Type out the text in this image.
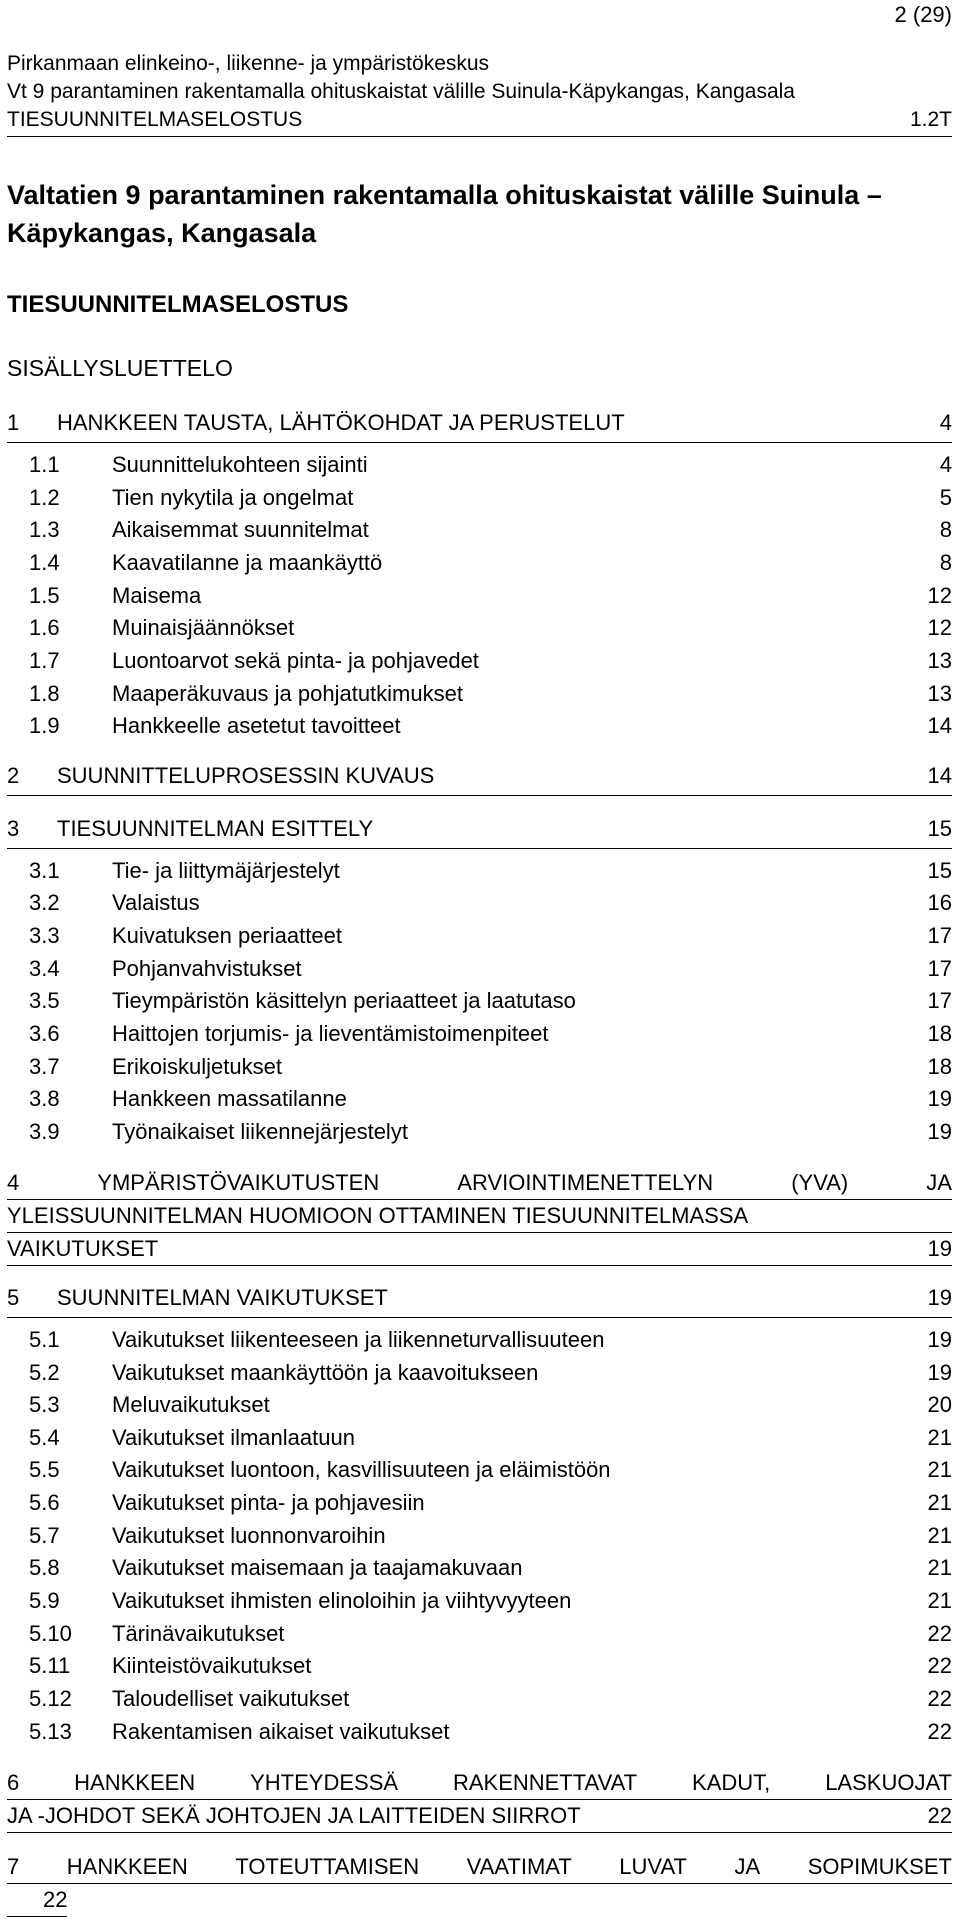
2 (29)
Pirkanmaan elinkeino-, liikenne- ja ympäristökeskus
Vt 9 parantaminen rakentamalla ohituskaistat välille Suinula-Käpykangas, Kangasala
TIESUUNNITELMASELOSTUS	1.2T
Valtatien 9 parantaminen rakentamalla ohituskaistat välille Suinula – Käpykangas, Kangasala
TIESUUNNITELMASELOSTUS
SISÄLLYSLUETTELO
1 HANKKEEN TAUSTA, LÄHTÖKOHDAT JA PERUSTELUT	4
1.1 Suunnittelukohteen sijainti	4
1.2 Tien nykytila ja ongelmat	5
1.3 Aikaisemmat suunnitelmat	8
1.4 Kaavatilanne ja maankäyttö	8
1.5 Maisema	12
1.6 Muinaisjäännökset	12
1.7 Luontoarvot sekä pinta- ja pohjavedet	13
1.8 Maaperäkuvaus ja pohjatutkimukset	13
1.9 Hankkeelle asetetut tavoitteet	14
2 SUUNNITTELUPROSESSIN KUVAUS	14
3 TIESUUNNITELMAN ESITTELY	15
3.1 Tie- ja liittymäjärjestelyt	15
3.2 Valaistus	16
3.3 Kuivatuksen periaatteet	17
3.4 Pohjanvahvistukset	17
3.5 Tieympäristön käsittelyn periaatteet ja laatutaso	17
3.6 Haittojen torjumis- ja lieventämistoimenpiteet	18
3.7 Erikoiskuljetukset	18
3.8 Hankkeen massatilanne	19
3.9 Työnaikaiset liikennejärjestelyt	19
4	YMPÄRISTÖVAIKUTUSTEN	ARVIOINTIMENETTELYN	(YVA)	JA
YLEISSUUNNITELMAN HUOMIOON OTTAMINEN TIESUUNNITELMASSA
VAIKUTUKSET	19
5 SUUNNITELMAN VAIKUTUKSET	19
5.1 Vaikutukset liikenteeseen ja liikenneturvallisuuteen	19
5.2 Vaikutukset maankäyttöön ja kaavoitukseen	19
5.3 Meluvaikutukset	20
5.4 Vaikutukset ilmanlaatuun	21
5.5 Vaikutukset luontoon, kasvillisuuteen ja eläimistöön	21
5.6 Vaikutukset pinta- ja pohjavesiin	21
5.7 Vaikutukset luonnonvaroihin	21
5.8 Vaikutukset maisemaan ja taajamakuvaan	21
5.9 Vaikutukset ihmisten elinoloihin ja viihtyvyyteen	21
5.10 Tärinävaikutukset	22
5.11 Kiinteistövaikutukset	22
5.12 Taloudelliset vaikutukset	22
5.13 Rakentamisen aikaiset vaikutukset	22
6 HANKKEEN YHTEYDESSÄ RAKENNETTAVAT KADUT, LASKUOJAT
JA -JOHDOT SEKÄ JOHTOJEN JA LAITTEIDEN SIIRROT	22
7 HANKKEEN TOTEUTTAMISEN VAATIMAT LUVAT JA SOPIMUKSET
22
